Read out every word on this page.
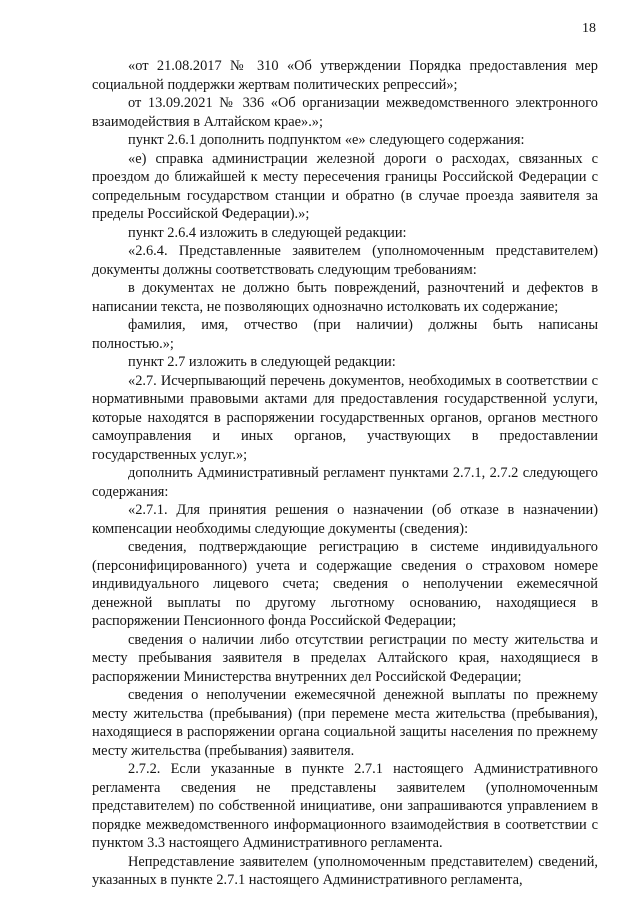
18

«от 21.08.2017 № 310 «Об утверждении Порядка предоставления мер социальной поддержки жертвам политических репрессий»;

от 13.09.2021 № 336 «Об организации межведомственного электронного взаимодействия в Алтайском крае».»;

пункт 2.6.1 дополнить подпунктом «е» следующего содержания:

«е) справка администрации железной дороги о расходах, связанных с проездом до ближайшей к месту пересечения границы Российской Федерации с сопредельным государством станции и обратно (в случае проезда заявителя за пределы Российской Федерации).»;

пункт 2.6.4 изложить в следующей редакции:

«2.6.4. Представленные заявителем (уполномоченным представителем) документы должны соответствовать следующим требованиям:

в документах не должно быть повреждений, разночтений и дефектов в написании текста, не позволяющих однозначно истолковать их содержание;

фамилия, имя, отчество (при наличии) должны быть написаны полностью.»;

пункт 2.7 изложить в следующей редакции:

«2.7. Исчерпывающий перечень документов, необходимых в соответствии с нормативными правовыми актами для предоставления государственной услуги, которые находятся в распоряжении государственных органов, органов местного самоуправления и иных органов, участвующих в предоставлении государственных услуг.»;

дополнить Административный регламент пунктами 2.7.1, 2.7.2 следующего содержания:

«2.7.1. Для принятия решения о назначении (об отказе в назначении) компенсации необходимы следующие документы (сведения):

сведения, подтверждающие регистрацию в системе индивидуального (персонифицированного) учета и содержащие сведения о страховом номере индивидуального лицевого счета; сведения о неполучении ежемесячной денежной выплаты по другому льготному основанию, находящиеся в распоряжении Пенсионного фонда Российской Федерации;

сведения о наличии либо отсутствии регистрации по месту жительства и месту пребывания заявителя в пределах Алтайского края, находящиеся в распоряжении Министерства внутренних дел Российской Федерации;

сведения о неполучении ежемесячной денежной выплаты по прежнему месту жительства (пребывания) (при перемене места жительства (пребывания), находящиеся в распоряжении органа социальной защиты населения по прежнему месту жительства (пребывания) заявителя.

2.7.2. Если указанные в пункте 2.7.1 настоящего Административного регламента сведения не представлены заявителем (уполномоченным представителем) по собственной инициативе, они запрашиваются управлением в порядке межведомственного информационного взаимодействия в соответствии с пунктом 3.3 настоящего Административного регламента.

Непредставление заявителем (уполномоченным представителем) сведений, указанных в пункте 2.7.1 настоящего Административного регламента,
